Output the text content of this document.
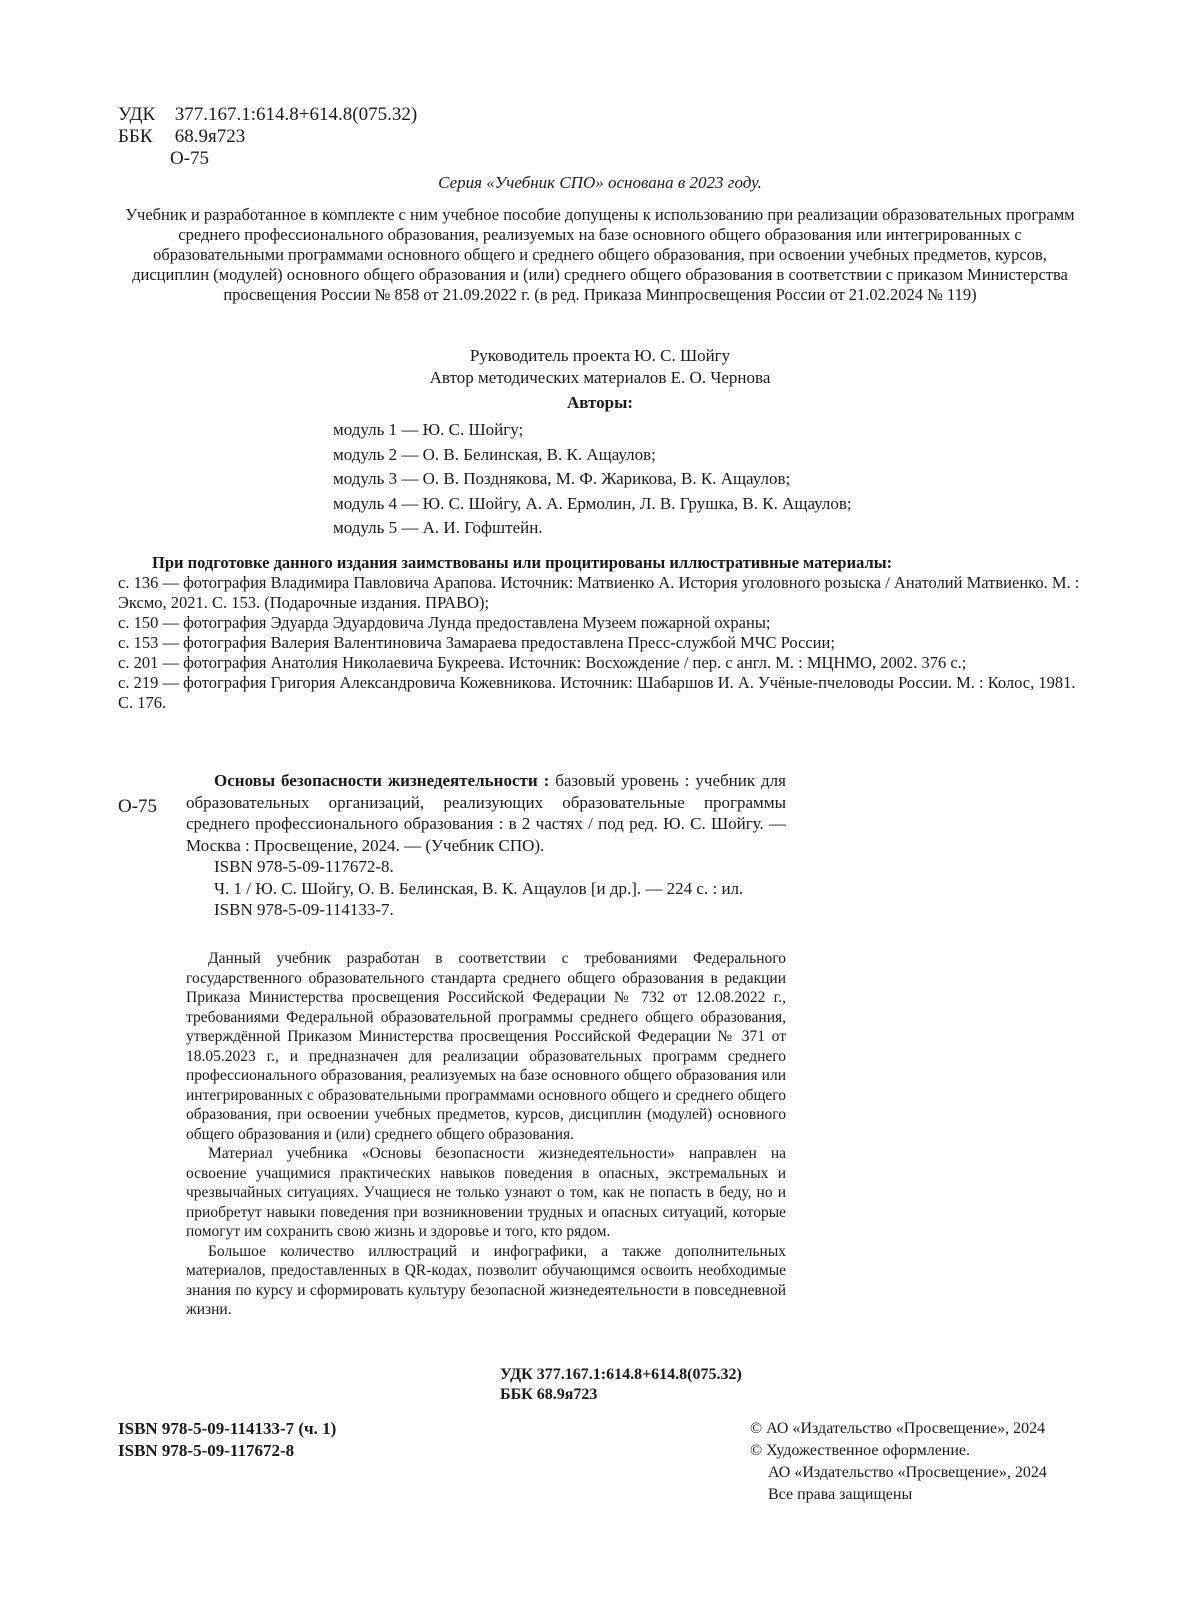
УДК 377.167.1:614.8+614.8(075.32)
ББК 68.9я723
О-75
Серия «Учебник СПО» основана в 2023 году.
Учебник и разработанное в комплекте с ним учебное пособие допущены к использованию при реализации образовательных программ среднего профессионального образования, реализуемых на базе основного общего образования или интегрированных с образовательными программами основного общего и среднего общего образования, при освоении учебных предметов, курсов, дисциплин (модулей) основного общего образования и (или) среднего общего образования в соответствии с приказом Министерства просвещения России № 858 от 21.09.2022 г. (в ред. Приказа Минпросвещения России от 21.02.2024 № 119)
Руководитель проекта Ю. С. Шойгу
Автор методических материалов Е. О. Чернова
Авторы:
модуль 1 — Ю. С. Шойгу;
модуль 2 — О. В. Белинская, В. К. Ащаулов;
модуль 3 — О. В. Позднякова, М. Ф. Жарикова, В. К. Ащаулов;
модуль 4 — Ю. С. Шойгу, А. А. Ермолин, Л. В. Грушка, В. К. Ащаулов;
модуль 5 — А. И. Гофштейн.
При подготовке данного издания заимствованы или процитированы иллюстративные материалы:
с. 136 — фотография Владимира Павловича Арапова. Источник: Матвиенко А. История уголовного розыска / Анатолий Матвиенко. М. : Эксмо, 2021. С. 153. (Подарочные издания. ПРАВО);
с. 150 — фотография Эдуарда Эдуардовича Лунда предоставлена Музеем пожарной охраны;
с. 153 — фотография Валерия Валентиновича Замараева предоставлена Пресс-службой МЧС России;
с. 201 — фотография Анатолия Николаевича Букреева. Источник: Восхождение / пер. с англ. М. : МЦНМО, 2002. 376 с.;
с. 219 — фотография Григория Александровича Кожевникова. Источник: Шабаршов И. А. Учёные-пчеловоды России. М. : Колос, 1981. С. 176.
О-75
Основы безопасности жизнедеятельности : базовый уровень : учебник для образовательных организаций, реализующих образовательные программы среднего профессионального образования : в 2 частях / под ред. Ю. С. Шойгу. — Москва : Просвещение, 2024. — (Учебник СПО).
ISBN 978-5-09-117672-8.
Ч. 1 / Ю. С. Шойгу, О. В. Белинская, В. К. Ащаулов [и др.]. — 224 с. : ил.
ISBN 978-5-09-114133-7.

Данный учебник разработан в соответствии с требованиями Федерального государственного образовательного стандарта среднего общего образования в редакции Приказа Министерства просвещения Российской Федерации № 732 от 12.08.2022 г., требованиями Федеральной образовательной программы среднего общего образования, утверждённой Приказом Министерства просвещения Российской Федерации № 371 от 18.05.2023 г., и предназначен для реализации образовательных программ среднего профессионального образования, реализуемых на базе основного общего образования или интегрированных с образовательными программами основного общего и среднего общего образования, при освоении учебных предметов, курсов, дисциплин (модулей) основного общего образования и (или) среднего общего образования.

Материал учебника «Основы безопасности жизнедеятельности» направлен на освоение учащимися практических навыков поведения в опасных, экстремальных и чрезвычайных ситуациях. Учащиеся не только узнают о том, как не попасть в беду, но и приобретут навыки поведения при возникновении трудных и опасных ситуаций, которые помогут им сохранить свою жизнь и здоровье и того, кто рядом.

Большое количество иллюстраций и инфографики, а также дополнительных материалов, предоставленных в QR-кодах, позволит обучающимся освоить необходимые знания по курсу и сформировать культуру безопасной жизнедеятельности в повседневной жизни.

УДК 377.167.1:614.8+614.8(075.32)
ББК 68.9я723
ISBN 978-5-09-114133-7 (ч. 1)
ISBN 978-5-09-117672-8
© АО «Издательство «Просвещение», 2024
© Художественное оформление.
АО «Издательство «Просвещение», 2024
Все права защищены
